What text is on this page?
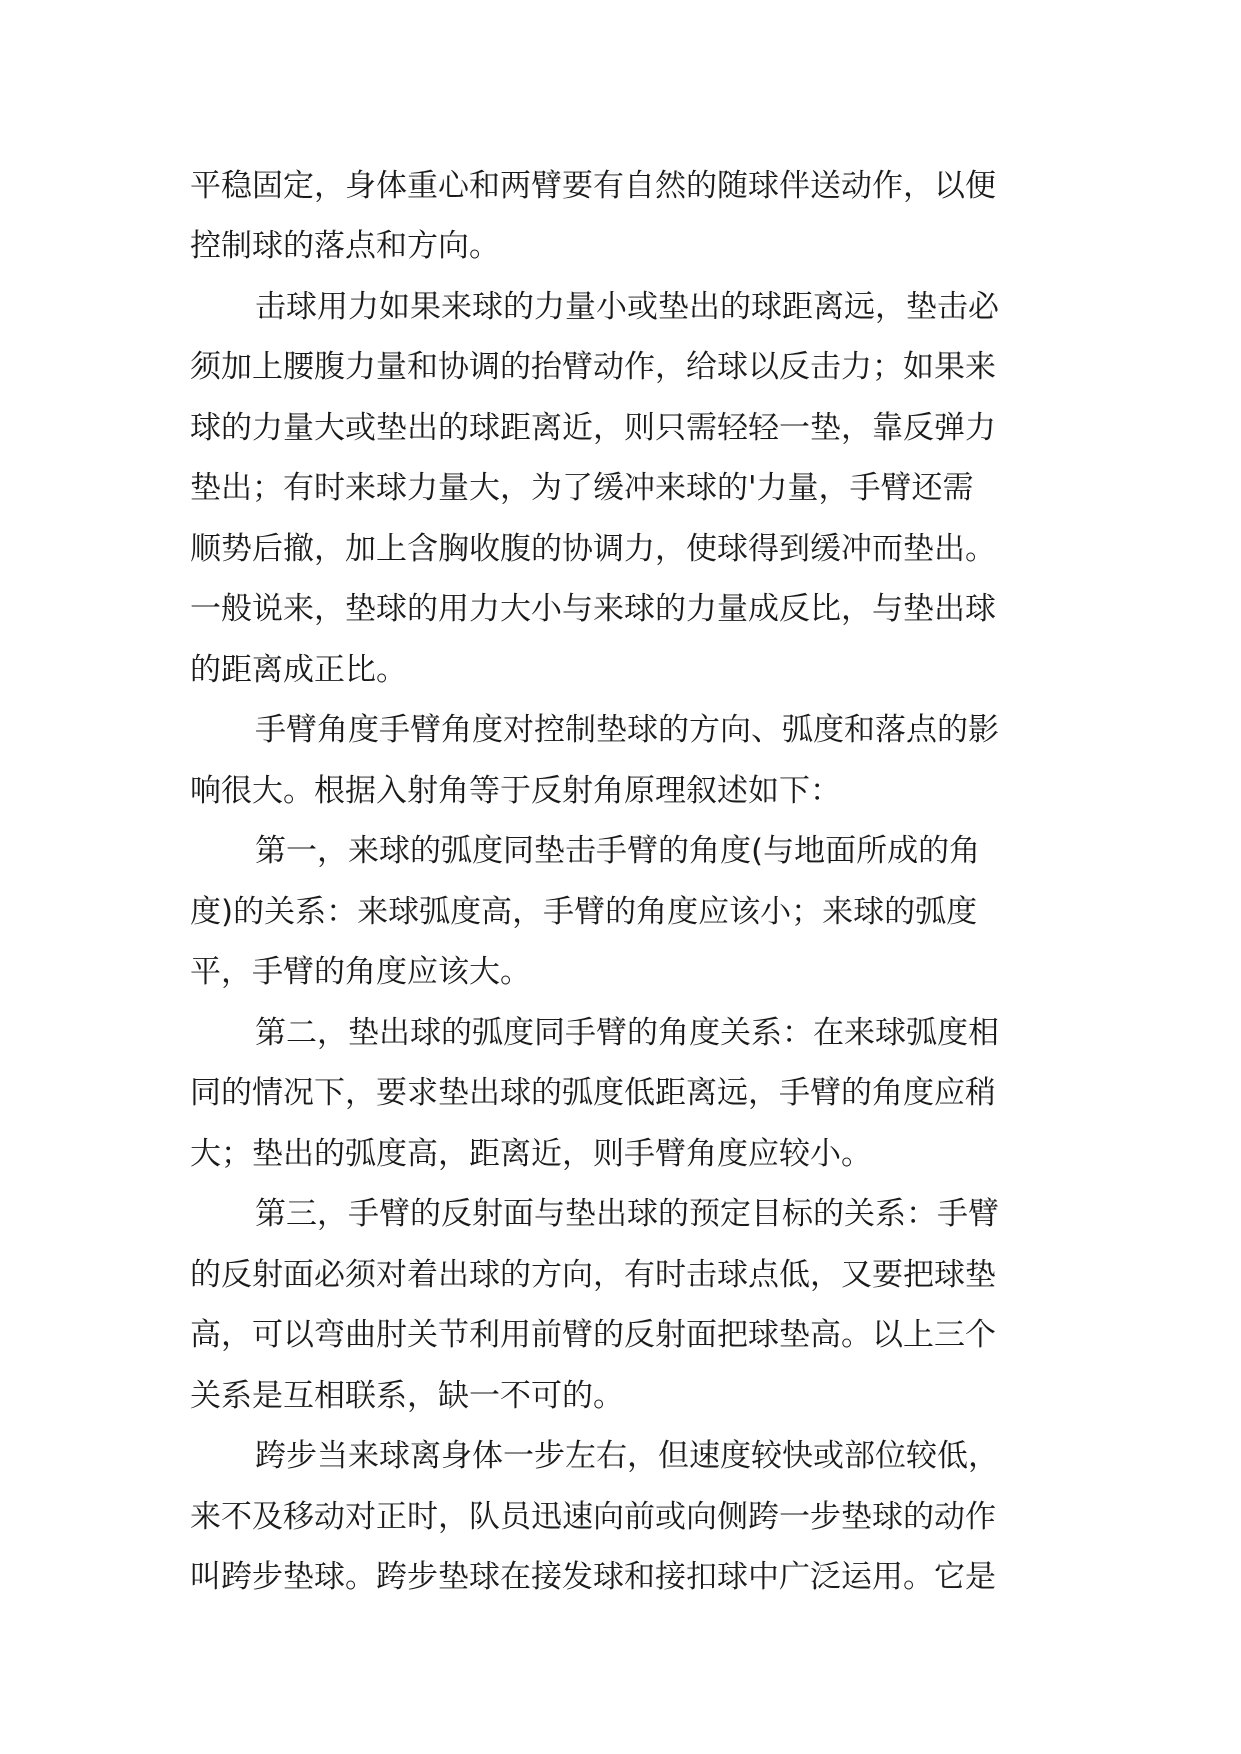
平稳固定，身体重心和两臂要有自然的随球伴送动作，以便
控制球的落点和方向。
击球用力如果来球的力量小或垫出的球距离远，垫击必
须加上腰腹力量和协调的抬臂动作，给球以反击力；如果来
球的力量大或垫出的球距离近，则只需轻轻一垫，靠反弹力
垫出；有时来球力量大，为了缓冲来球的'力量，手臂还需
顺势后撤，加上含胸收腹的协调力，使球得到缓冲而垫出。
一般说来，垫球的用力大小与来球的力量成反比，与垫出球
的距离成正比。
手臂角度手臂角度对控制垫球的方向、弧度和落点的影
响很大。根据入射角等于反射角原理叙述如下：
第一，来球的弧度同垫击手臂的角度(与地面所成的角
度)的关系：来球弧度高，手臂的角度应该小；来球的弧度
平，手臂的角度应该大。
第二，垫出球的弧度同手臂的角度关系：在来球弧度相
同的情况下，要求垫出球的弧度低距离远，手臂的角度应稍
大；垫出的弧度高，距离近，则手臂角度应较小。
第三，手臂的反射面与垫出球的预定目标的关系：手臂
的反射面必须对着出球的方向，有时击球点低，又要把球垫
高，可以弯曲肘关节利用前臂的反射面把球垫高。以上三个
关系是互相联系，缺一不可的。
跨步当来球离身体一步左右，但速度较快或部位较低，
来不及移动对正时，队员迅速向前或向侧跨一步垫球的动作
叫跨步垫球。跨步垫球在接发球和接扣球中广泛运用。它是
